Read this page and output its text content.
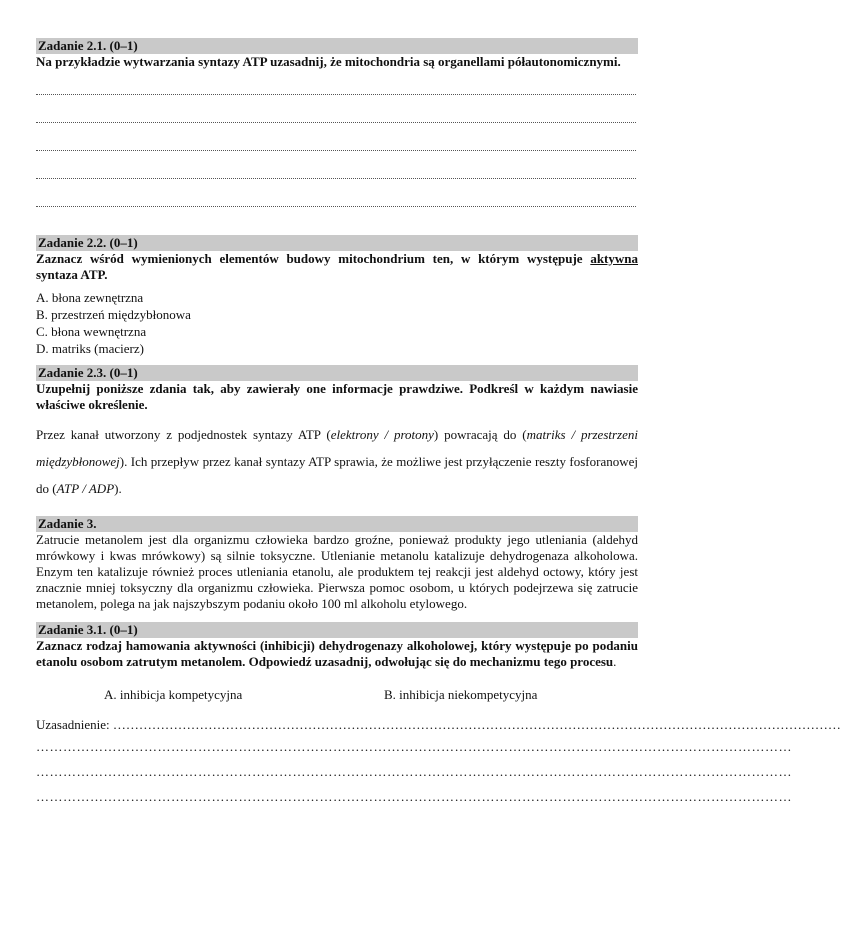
Zadanie 2.1. (0–1)
Na przykładzie wytwarzania syntazy ATP uzasadnij, że mitochondria są organellami półautonomicznymi.
Zadanie 2.2. (0–1)
Zaznacz wśród wymienionych elementów budowy mitochondrium ten, w którym występuje aktywna syntaza ATP.
A. błona zewnętrzna
B. przestrzeń międzybłonowa
C. błona wewnętrzna
D. matriks (macierz)
Zadanie 2.3. (0–1)
Uzupełnij poniższe zdania tak, aby zawierały one informacje prawdziwe. Podkreśl w każdym nawiasie właściwe określenie.
Przez kanał utworzony z podjednostek syntazy ATP (elektrony / protony) powracają do (matriks / przestrzeni międzybłonowej). Ich przepływ przez kanał syntazy ATP sprawia, że możliwe jest przyłączenie reszty fosforanowej do (ATP / ADP).
Zadanie 3.
Zatrucie metanolem jest dla organizmu człowieka bardzo groźne, ponieważ produkty jego utleniania (aldehyd mrówkowy i kwas mrówkowy) są silnie toksyczne. Utlenianie metanolu katalizuje dehydrogenaza alkoholowa. Enzym ten katalizuje również proces utleniania etanolu, ale produktem tej reakcji jest aldehyd octowy, który jest znacznie mniej toksyczny dla organizmu człowieka. Pierwsza pomoc osobom, u których podejrzewa się zatrucie metanolem, polega na jak najszybszym podaniu około 100 ml alkoholu etylowego.
Zadanie 3.1. (0–1)
Zaznacz rodzaj hamowania aktywności (inhibicji) dehydrogenazy alkoholowej, który występuje po podaniu etanolu osobom zatrutym metanolem. Odpowiedź uzasadnij, odwołując się do mechanizmu tego procesu.
A. inhibicja kompetycyjna	B. inhibicja niekompetycyjna
Uzasadnienie: ……………………………………………………………………………………………………………………………………………………
……………………………………………………………………………………………………………………………………………………
……………………………………………………………………………………………………………………………………………………
……………………………………………………………………………………………………………………………………………………
